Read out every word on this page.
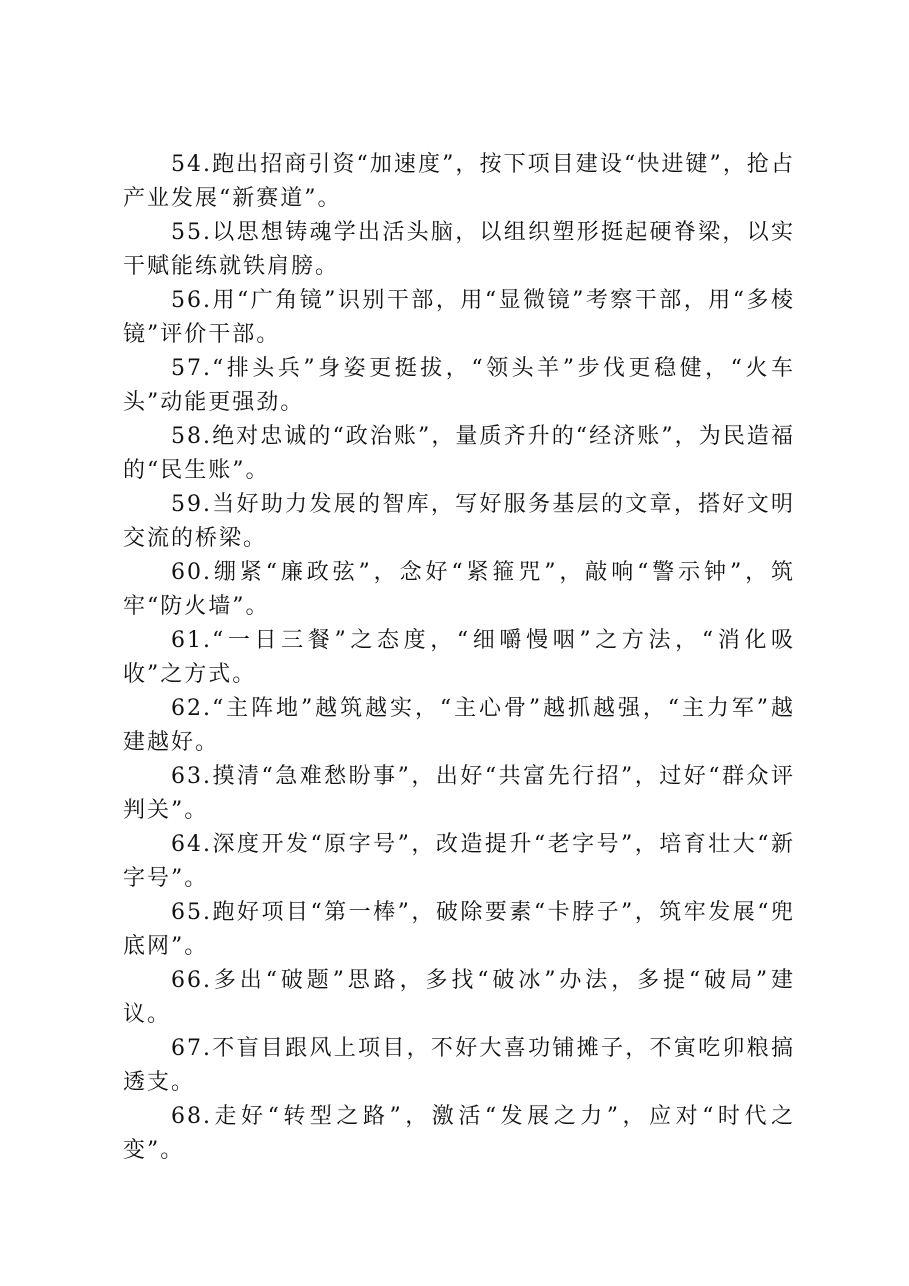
54.跑出招商引资“加速度”，按下项目建设“快进键”，抢占产业发展“新赛道”。

55.以思想铸魂学出活头脑，以组织塑形挺起硬脊梁，以实干赋能练就铁肩膀。

56.用“广角镜”识别干部，用“显微镜”考察干部，用“多棱镜”评价干部。

57.“排头兵”身姿更挺拔，“领头羊”步伐更稳健，“火车头”动能更强劲。

58.绝对忠诚的“政治账”，量质齐升的“经济账”，为民造福的“民生账”。

59.当好助力发展的智库，写好服务基层的文章，搭好文明交流的桥梁。

60.绷紧“廉政弦”，念好“紧箍咒”，敲响“警示钟”，筑牢“防火墙”。

61.“一日三餐”之态度，“细嚼慢咽”之方法，“消化吸收”之方式。

62.“主阵地”越筑越实，“主心骨”越抓越强，“主力军”越建越好。

63.摸清“急难愁盼事”，出好“共富先行招”，过好“群众评判关”。

64.深度开发“原字号”，改造提升“老字号”，培育壮大“新字号”。

65.跑好项目“第一棒”，破除要素“卡脖子”，筑牢发展“兜底网”。

66.多出“破题”思路，多找“破冰”办法，多提“破局”建议。

67.不盲目跟风上项目，不好大喜功铺摊子，不寅吃卯粮搞透支。

68.走好“转型之路”，激活“发展之力”，应对“时代之变”。
